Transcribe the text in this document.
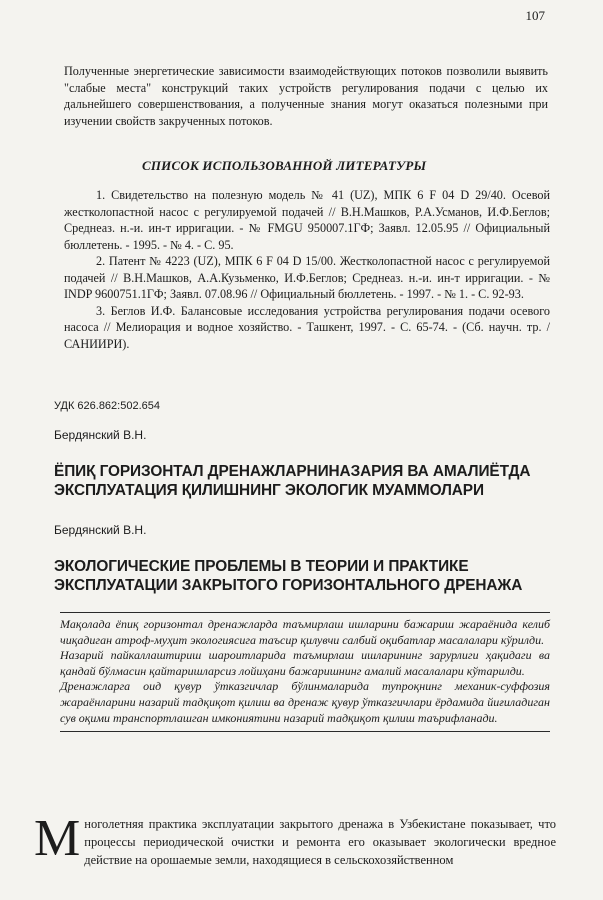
107

Полученные энергетические зависимости взаимодействующих потоков позволили выявить "слабые места" конструкций таких устройств регулирования подачи с целью их дальнейшего совершенствования, а полученные знания могут оказаться полезными при изучении свойств закрученных потоков.

СПИСОК ИСПОЛЬЗОВАННОЙ ЛИТЕРАТУРЫ
1. Свидетельство на полезную модель № 41 (UZ), МПК 6 F 04 D 29/40. Осевой жестколопастной насос с регулируемой подачей // В.Н.Машков, Р.А.Усманов, И.Ф.Беглов; Среднеаз. н.-и. ин-т ирригации. - № FMGU 950007.1ГФ; Заявл. 12.05.95 // Официальный бюллетень. - 1995. - № 4. - С. 95.
2. Патент № 4223 (UZ), МПК 6 F 04 D 15/00. Жестколопастной насос с регулируемой подачей // В.Н.Машков, А.А.Кузьменко, И.Ф.Беглов; Среднеаз. н.-и. ин-т ирригации. - № INDP 9600751.1ГФ; Заявл. 07.08.96 // Официальный бюллетень. - 1997. - № 1. - С. 92-93.
3. Беглов И.Ф. Балансовые исследования устройства регулирования подачи осевого насоса // Мелиорация и водное хозяйство. - Ташкент, 1997. - С. 65-74. - (Сб. научн. тр. / САНИИРИ).
УДК 626.862:502.654
Бердянский В.Н.
ЁПИҚ ГОРИЗОНТАЛ ДРЕНАЖЛАРНИНАЗАРИЯ ВА АМАЛИЁТДА ЭКСПЛУАТАЦИЯ ҚИЛИШНИНГ ЭКОЛОГИК МУАММОЛАРИ
Бердянский В.Н.
ЭКОЛОГИЧЕСКИЕ ПРОБЛЕМЫ В ТЕОРИИ И ПРАКТИКЕ ЭКСПЛУАТАЦИИ ЗАКРЫТОГО ГОРИЗОНТАЛЬНОГО ДРЕНАЖА

Мақолада ёпиқ горизонтал дренажларда таъмирлаш ишларини бажариш жараёнида келиб чиқадиган атроф-муҳит экологиясига таъсир қилувчи салбий оқибатлар масалалари кўрилди.

Назарий пайкаллаштириш шароитларида таъмирлаш ишларининг зарурлиги ҳақидаги ва қандай бўлмасин қайтаришларсиз лойиҳани бажаришнинг амалий масалалари кўтарилди.

Дренажларга оид қувур ўтказгичлар бўлинмаларида тупроқнинг механик-суффозия жараёнларини назарий тадқиқот қилиш ва дренаж қувур ўтказгичлари ёрдамида йиғиладиган сув оқими транспортлашган имкониятини назарий тадқиқот қилиш таърифланади.

М ноголетняя практика эксплуатации закрытого дренажа в Узбекистане показывает, что процессы периодической очистки и ремонта его оказывает экологически вредное действие на орошаемые земли, находящиеся в сельскохозяйственном
